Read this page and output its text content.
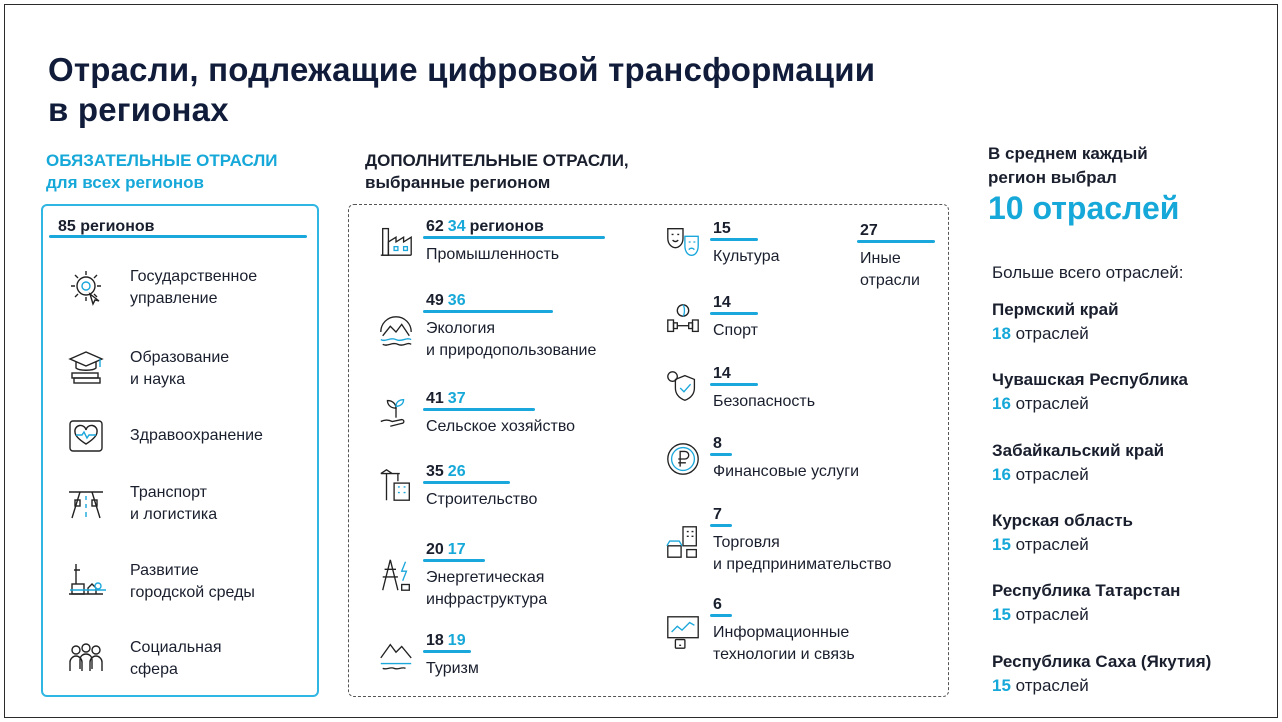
Отрасли, подлежащие цифровой трансформации
в регионах
ОБЯЗАТЕЛЬНЫЕ ОТРАСЛИ
для всех регионов
85 регионов
Государственное
управление
Образование
и наука
Здравоохранение
Транспорт
и логистика
Развитие
городской среды
Социальная
сфера
ДОПОЛНИТЕЛЬНЫЕ ОТРАСЛИ,
выбранные регионом
62 34 регионов
Промышленность
49 36
Экология
и природопользование
41 37
Сельское хозяйство
35 26
Строительство
20 17
Энергетическая
инфраструктура
18 19
Туризм
15
Культура
14
Спорт
14
Безопасность
8
Финансовые услуги
7
Торговля
и предпринимательство
6
Информационные
технологии и связь
27
Иные
отрасли
В среднем каждый
регион выбрал
10 отраслей
Больше всего отраслей:
Пермский край
18 отраслей
Чувашская Республика
16 отраслей
Забайкальский край
16 отраслей
Курская область
15 отраслей
Республика Татарстан
15 отраслей
Республика Саха (Якутия)
15 отраслей
